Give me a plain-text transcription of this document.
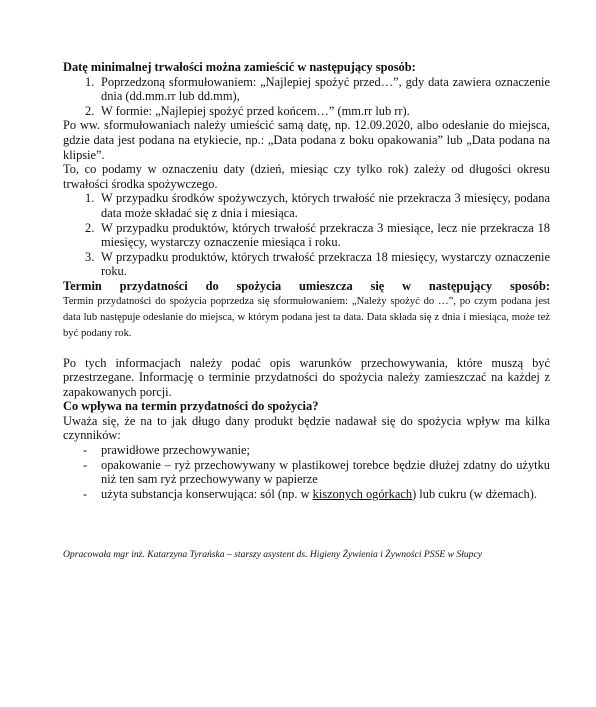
Datę minimalnej trwałości można zamieścić w następujący sposób:

1. Poprzedzoną sformułowaniem: „Najlepiej spożyć przed…”, gdy data zawiera oznaczenie dnia (dd.mm.rr lub dd.mm),
2. W formie: „Najlepiej spożyć przed końcem…” (mm.rr lub rr).

Po ww. sformułowaniach należy umieścić samą datę, np. 12.09.2020, albo odesłanie do miejsca, gdzie data jest podana na etykiecie, np.: „Data podana z boku opakowania” lub „Data podana na klipsie”.

To, co podamy w oznaczeniu daty (dzień, miesiąc czy tylko rok) zależy od długości okresu trwałości środka spożywczego.

1. W przypadku środków spożywczych, których trwałość nie przekracza 3 miesięcy, podana data może składać się z dnia i miesiąca.
2. W przypadku produktów, których trwałość przekracza 3 miesiące, lecz nie przekracza 18 miesięcy, wystarczy oznaczenie miesiąca i roku.
3. W przypadku produktów, których trwałość przekracza 18 miesięcy, wystarczy oznaczenie roku.
Termin przydatności do spożycia umieszcza się w następujący sposób:

Termin przydatności do spożycia poprzedza się sformułowaniem: „Należy spożyć do …”, po czym podana jest data lub następuje odesłanie do miejsca, w którym podana jest ta data. Data składa się z dnia i miesiąca, może też być podany rok.

Po tych informacjach należy podać opis warunków przechowywania, które muszą być przestrzegane. Informację o terminie przydatności do spożycia należy zamieszczać na każdej z zapakowanych porcji.

Co wpływa na termin przydatności do spożycia?

Uważa się, że na to jak długo dany produkt będzie nadawał się do spożycia wpływ ma kilka czynników:

- prawidłowe przechowywanie;
- opakowanie – ryż przechowywany w plastikowej torebce będzie dłużej zdatny do użytku niż ten sam ryż przechowywany w papierze
- użyta substancja konserwująca: sól (np. w kiszonych ogórkach) lub cukru (w dżemach).

Opracowała mgr inż. Katarzyna Tyrańska – starszy asystent ds. Higieny Żywienia i Żywności PSSE w Słupcy
